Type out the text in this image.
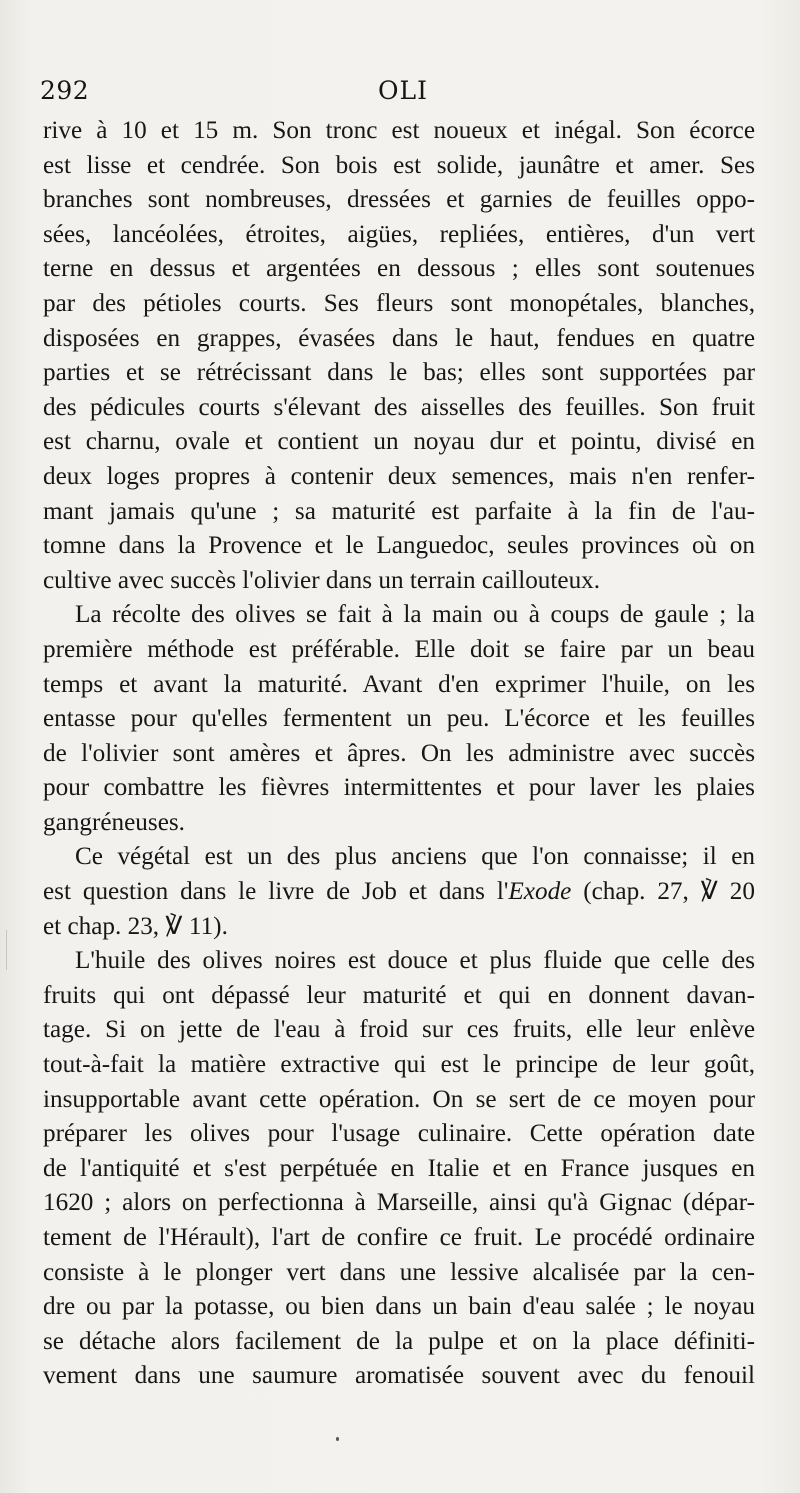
292	OLI
rive à 10 et 15 m. Son tronc est noueux et inégal. Son écorce
est lisse et cendrée. Son bois est solide, jaunâtre et amer. Ses
branches sont nombreuses, dressées et garnies de feuilles oppo-
sées, lancéolées, étroites, aigües, repliées, entières, d'un vert
terne en dessus et argentées en dessous ; elles sont soutenues
par des pétioles courts. Ses fleurs sont monopétales, blanches,
disposées en grappes, évasées dans le haut, fendues en quatre
parties et se rétrécissant dans le bas; elles sont supportées par
des pédicules courts s'élevant des aisselles des feuilles. Son fruit
est charnu, ovale et contient un noyau dur et pointu, divisé en
deux loges propres à contenir deux semences, mais n'en renfer-
mant jamais qu'une ; sa maturité est parfaite à la fin de l'au-
tomne dans la Provence et le Languedoc, seules provinces où on
cultive avec succès l'olivier dans un terrain caillouteux.
La récolte des olives se fait à la main ou à coups de gaule ; la
première méthode est préférable. Elle doit se faire par un beau
temps et avant la maturité. Avant d'en exprimer l'huile, on les
entasse pour qu'elles fermentent un peu. L'écorce et les feuilles
de l'olivier sont amères et âpres. On les administre avec succès
pour combattre les fièvres intermittentes et pour laver les plaies
gangréneuses.
Ce végétal est un des plus anciens que l'on connaisse; il en
est question dans le livre de Job et dans l'Exode (chap. 27, ℣ 20
et chap. 23, ℣ 11).
L'huile des olives noires est douce et plus fluide que celle des
fruits qui ont dépassé leur maturité et qui en donnent davan-
tage. Si on jette de l'eau à froid sur ces fruits, elle leur enlève
tout-à-fait la matière extractive qui est le principe de leur goût,
insupportable avant cette opération. On se sert de ce moyen pour
préparer les olives pour l'usage culinaire. Cette opération date
de l'antiquité et s'est perpétuée en Italie et en France jusques en
1620 ; alors on perfectionna à Marseille, ainsi qu'à Gignac (dépar-
tement de l'Hérault), l'art de confire ce fruit. Le procédé ordinaire
consiste à le plonger vert dans une lessive alcalisée par la cen-
dre ou par la potasse, ou bien dans un bain d'eau salée ; le noyau
se détache alors facilement de la pulpe et on la place définiti-
vement dans une saumure aromatisée souvent avec du fenouil
